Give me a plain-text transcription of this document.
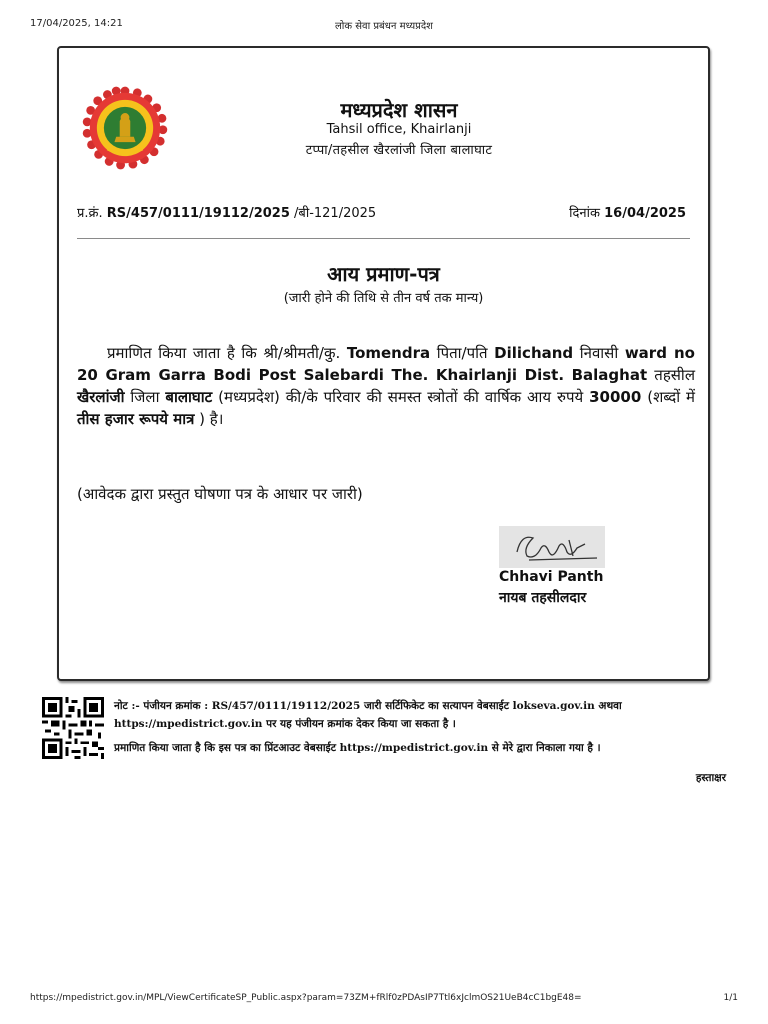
17/04/2025, 14:21	लोक सेवा प्रबंधन मध्यप्रदेश
मध्यप्रदेश शासन
Tahsil office, Khairlanji
टप्पा/तहसील खैरलांजी जिला बालाघाट
प्र.क्रं. RS/457/0111/19112/2025 /बी-121/2025	दिनांक 16/04/2025
आय प्रमाण-पत्र
(जारी होने की तिथि से तीन वर्ष तक मान्य)
प्रमाणित किया जाता है कि श्री/श्रीमती/कु. Tomendra पिता/पति Dilichand निवासी ward no 20 Gram Garra Bodi Post Salebardi The. Khairlanji Dist. Balaghat तहसील खैरलांजी जिला बालाघाट (मध्यप्रदेश) की/के परिवार की समस्त स्त्रोतों की वार्षिक आय रुपये 30000 (शब्दों में तीस हजार रूपये मात्र ) है।
(आवेदक द्वारा प्रस्तुत घोषणा पत्र के आधार पर जारी)
Chhavi Panth
नायब तहसीलदार
नोट :- पंजीयन क्रमांक : RS/457/0111/19112/2025 जारी सर्टिफिकेट का सत्यापन वेबसाईट lokseva.gov.in अथवा
https://mpedistrict.gov.in पर यह पंजीयन क्रमांक देकर किया जा सकता है ।
प्रमाणित किया जाता है कि इस पत्र का प्रिंटआउट वेबसाईट https://mpedistrict.gov.in से मेरे द्वारा निकाला गया है ।
हस्ताक्षर
https://mpedistrict.gov.in/MPL/ViewCertificateSP_Public.aspx?param=73ZM+fRlf0zPDAsIP7Ttl6xJclmOS21UeB4cC1bgE48=	1/1
